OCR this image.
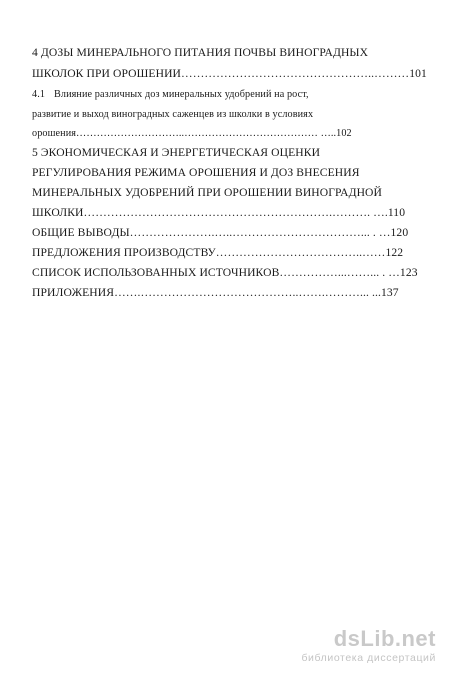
4 ДОЗЫ МИНЕРАЛЬНОГО ПИТАНИЯ ПОЧВЫ ВИНОГРАДНЫХ
ШКОЛОК ПРИ ОРОШЕНИИ…………………………………………..………101
4.1 Влияние различных доз минеральных удобрений на рост,
развитие и выход виноградных саженцев из школки в условиях
орошения…………………………..………………………………… …..102
5 ЭКОНОМИЧЕСКАЯ И ЭНЕРГЕТИЧЕСКАЯ ОЦЕНКИ
РЕГУЛИРОВАНИЯ РЕЖИМА ОРОШЕНИЯ И ДОЗ ВНЕСЕНИЯ
МИНЕРАЛЬНЫХ УДОБРЕНИЙ ПРИ ОРОШЕНИИ ВИНОГРАДНОЙ
ШКОЛКИ……………………………………………………….………. ….110
ОБЩИЕ ВЫВОДЫ………………….…..……………………………... . …120
ПРЕДЛОЖЕНИЯ ПРОИЗВОДСТВУ………………………………..……122
СПИСОК ИСПОЛЬЗОВАННЫХ ИСТОЧНИКОВ……………...……... . …123
ПРИЛОЖЕНИЯ…….…………………………………..…….………... ...137
dsLib.net
библиотека диссертаций
